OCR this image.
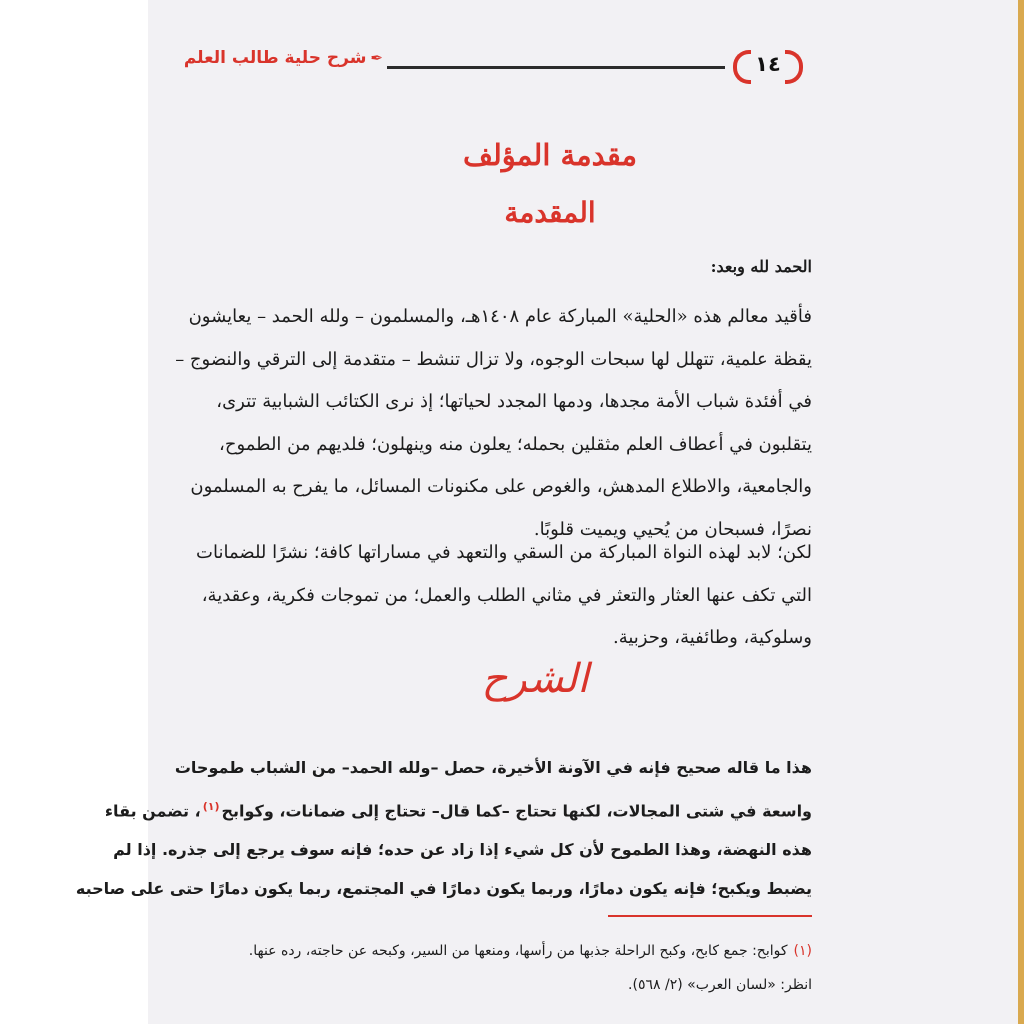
١٤
✒شرح حلية طالب العلم
مقدمة المؤلف
المقدمة
الحمد لله وبعد:
فأقيد معالم هذه «الحلية» المباركة عام ١٤٠٨هـ، والمسلمون – ولله الحمد – يعايشون
يقظة علمية، تتهلل لها سبحات الوجوه، ولا تزال تنشط – متقدمة إلى الترقي والنضوج –
في أفئدة شباب الأمة مجدها، ودمها المجدد لحياتها؛ إذ نرى الكتائب الشبابية تترى،
يتقلبون في أعطاف العلم مثقلين بحمله؛ يعلون منه وينهلون؛ فلديهم من الطموح،
والجامعية، والاطلاع المدهش، والغوص على مكنونات المسائل، ما يفرح به المسلمون
نصرًا، فسبحان من يُحيي ويميت قلوبًا.
لكن؛ لابد لهذه النواة المباركة من السقي والتعهد في مساراتها كافة؛ نشرًا للضمانات
التي تكف عنها العثار والتعثر في مثاني الطلب والعمل؛ من تموجات فكرية، وعقدية،
وسلوكية، وطائفية، وحزبية.
الشرح
هذا ما قاله صحيح فإنه في الآونة الأخيرة، حصل –ولله الحمد– من الشباب طموحات
واسعة في شتى المجالات، لكنها تحتاج –كما قال– تحتاج إلى ضمانات، وكوابح$^{(١)}$، تضمن بقاء
هذه النهضة، وهذا الطموح لأن كل شيء إذا زاد عن حده؛ فإنه سوف يرجع إلى جذره. إذا لم
يضبط ويكبح؛ فإنه يكون دمارًا، وربما يكون دمارًا في المجتمع، ربما يكون دمارًا حتى على صاحبه
(١)كوابح: جمع كابح، وكبح الراحلة جذبها من رأسها، ومنعها من السير، وكبحه عن حاجته، رده عنها.
انظر: «لسان العرب» (٢/ ٥٦٨).
